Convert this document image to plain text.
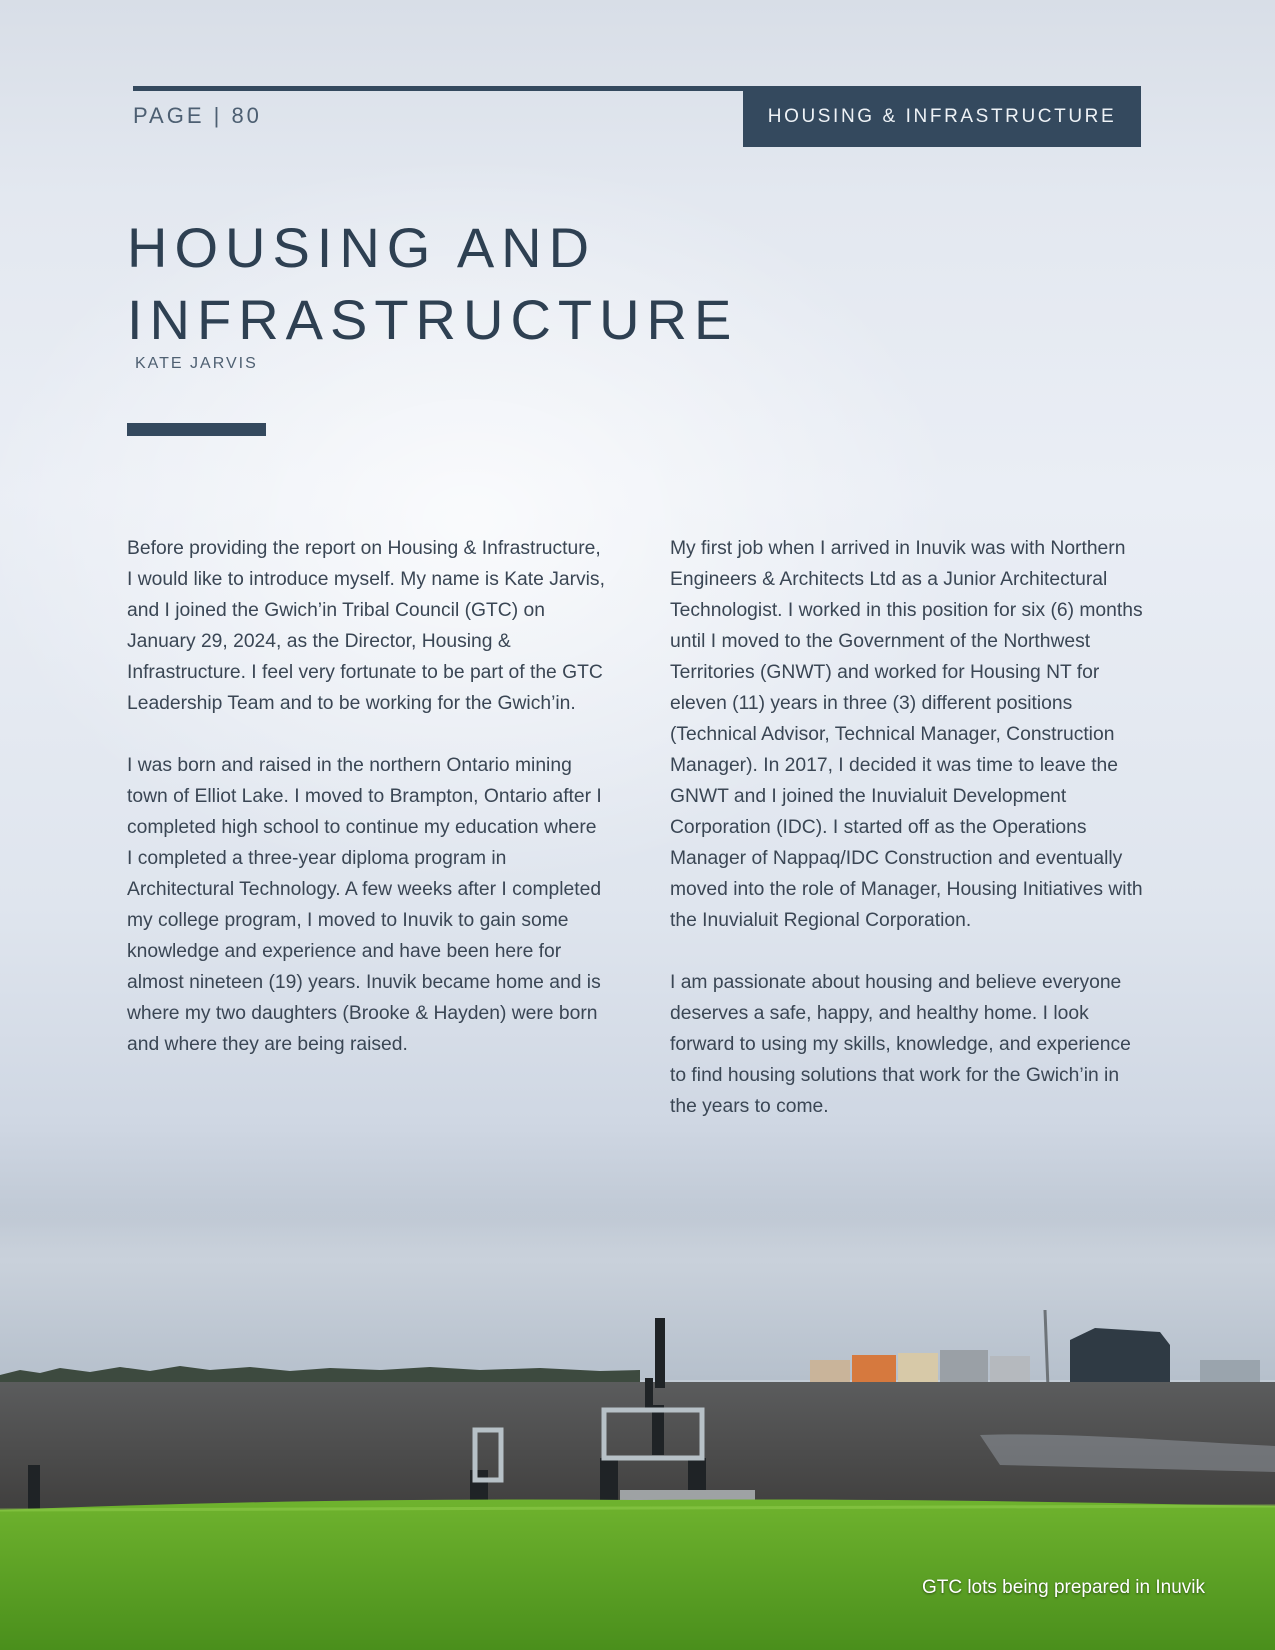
PAGE | 80	HOUSING & INFRASTRUCTURE
HOUSING AND
INFRASTRUCTURE
KATE JARVIS

Before providing the report on Housing & Infrastructure, I would like to introduce myself. My name is Kate Jarvis, and I joined the Gwich’in Tribal Council (GTC) on January 29, 2024, as the Director, Housing & Infrastructure. I feel very fortunate to be part of the GTC Leadership Team and to be working for the Gwich’in.

I was born and raised in the northern Ontario mining town of Elliot Lake. I moved to Brampton, Ontario after I completed high school to continue my education where I completed a three-year diploma program in Architectural Technology. A few weeks after I completed my college program, I moved to Inuvik to gain some knowledge and experience and have been here for almost nineteen (19) years. Inuvik became home and is where my two daughters (Brooke & Hayden) were born and where they are being raised.

My first job when I arrived in Inuvik was with Northern Engineers & Architects Ltd as a Junior Architectural Technologist. I worked in this position for six (6) months until I moved to the Government of the Northwest Territories (GNWT) and worked for Housing NT for eleven (11) years in three (3) different positions (Technical Advisor, Technical Manager, Construction Manager). In 2017, I decided it was time to leave the GNWT and I joined the Inuvialuit Development Corporation (IDC). I started off as the Operations Manager of Nappaq/IDC Construction and eventually moved into the role of Manager, Housing Initiatives with the Inuvialuit Regional Corporation.

I am passionate about housing and believe everyone deserves a safe, happy, and healthy home. I look forward to using my skills, knowledge, and experience to find housing solutions that work for the Gwich’in in the years to come.

GTC lots being prepared in Inuvik
